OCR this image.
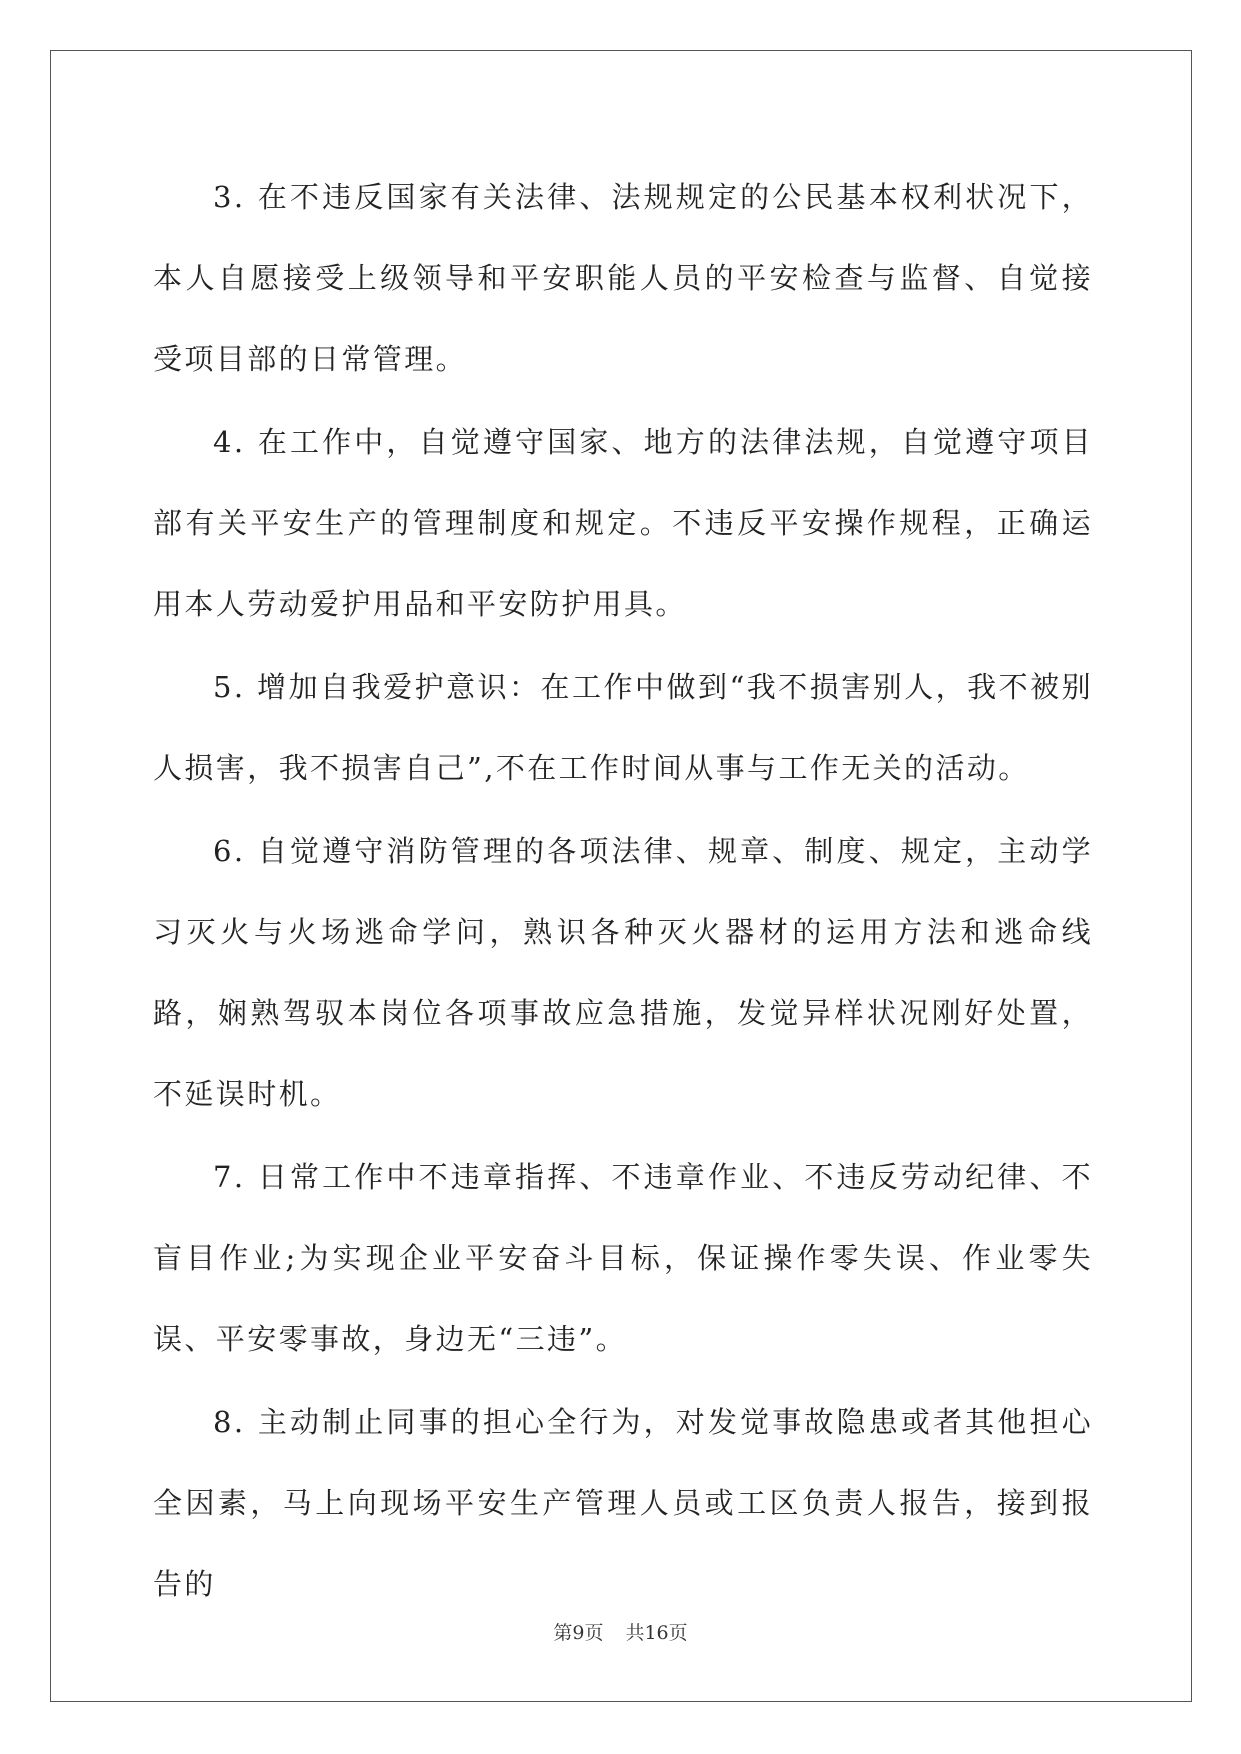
3. 在不违反国家有关法律、法规规定的公民基本权利状况下，本人自愿接受上级领导和平安职能人员的平安检查与监督、自觉接受项目部的日常管理。

4. 在工作中，自觉遵守国家、地方的法律法规，自觉遵守项目部有关平安生产的管理制度和规定。不违反平安操作规程，正确运用本人劳动爱护用品和平安防护用具。

5. 增加自我爱护意识：在工作中做到“我不损害别人，我不被别人损害，我不损害自己”,不在工作时间从事与工作无关的活动。

6. 自觉遵守消防管理的各项法律、规章、制度、规定，主动学习灭火与火场逃命学问，熟识各种灭火器材的运用方法和逃命线路，娴熟驾驭本岗位各项事故应急措施，发觉异样状况刚好处置，不延误时机。

7. 日常工作中不违章指挥、不违章作业、不违反劳动纪律、不盲目作业;为实现企业平安奋斗目标，保证操作零失误、作业零失误、平安零事故，身边无“三违”。

8. 主动制止同事的担心全行为，对发觉事故隐患或者其他担心全因素，马上向现场平安生产管理人员或工区负责人报告，接到报告的

第9页 共16页
